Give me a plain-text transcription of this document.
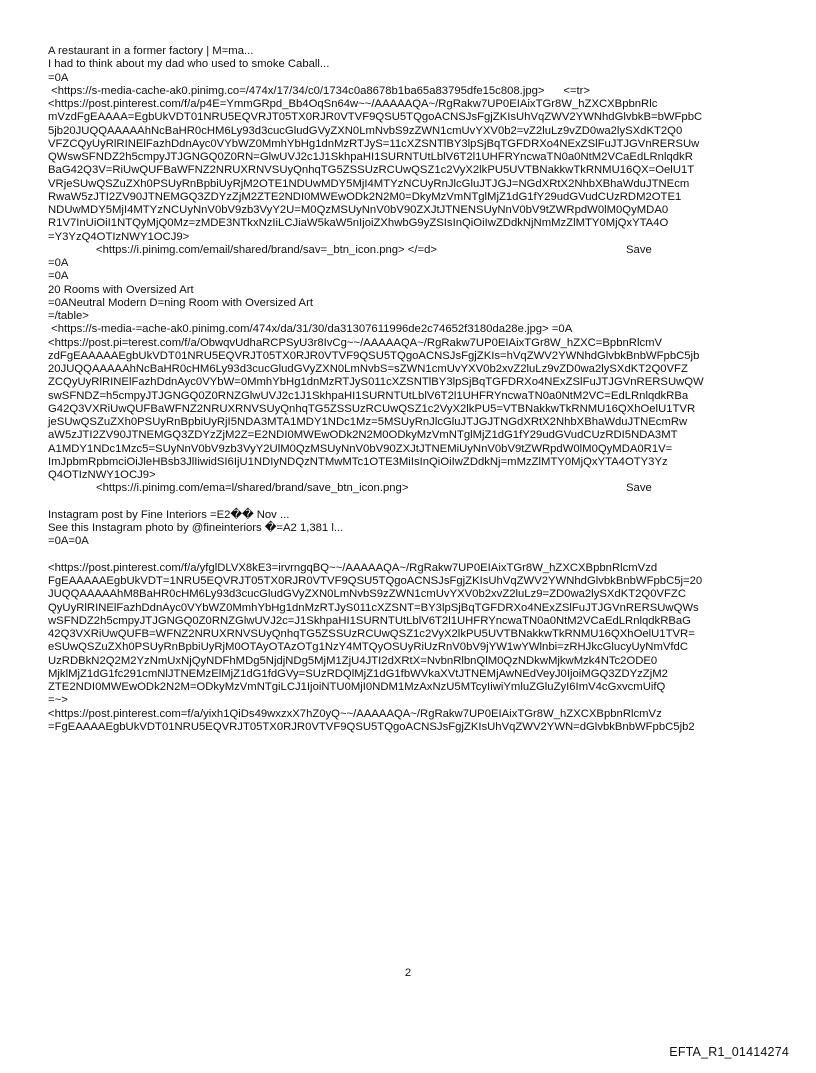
A restaurant in a former factory | M=ma...
I had to think about my dad who used to smoke Caball...
=0A
<https://s-media-cache-ak0.pinimg.co=/474x/17/34/c0/1734c0a8678b1ba65a83795dfe15c808.jpg>      <=tr>
<https://post.pinterest.com/f/a/p4E=YmmGRpd_Bb4OqSn64w~~/AAAAAQA~/RgRakw7UP0EIAixTGr8W_hZXCXBpbnRlc
mVzdFgEAAAA=EgbUkVDT01NRU5EQVRJT05TX0RJR0VTVF9QSU5TQgoACNSJsFgjZKIsUhVqZWV2YWNhdGlvbkB=bWFpbC
5jb20JUQQAAAAAhNcBaHR0cHM6Ly93d3cucGludGVyZXN0LmNvbS9zZWN1cmUvYXV0b2=vZ2luLz9vZD0wa2lySXdKT2Q0
VFZCQyUyRlRINElFazhDdnAyc0VYbWZ0MmhYbHg1dnMzRTJyS=11cXZSNTlBY3lpSjBqTGFDRXo4NExZSlFuJTJGVnRERSUw
QWswSFNDZ2h5cmpyJTJGNGQ0Z0RN=GlwUVJ2c1J1SkhpaHI1SURNTUtLblV6T2l1UHFRYncwaTN0a0NtM2VCaEdLRnlqdkR
BaG42Q3V=RiUwQUFBaWFNZ2NRUXRNVSUyQnhqTG5ZSSUzRCUwQSZ1c2VyX2lkPU5UVTBNakkwTkRNMU16QX=OelU1T
VRjeSUwQSZuZXh0PSUyRnBpbiUyRjM2OTE1NDUwMDY5MjI4MTYzNCUyRnJlcGluJTJGJ=NGdXRtX2NhbXBhaWduJTNEcm
RwaW5zJTI2ZV90JTNEMGQ3ZDYzZjM2ZTE2NDI0MWEwODk2N2M0=DkyMzVmNTglMjZ1dG1fY29udGVudCUzRDM2OTE1
NDUwMDY5MjI4MTYzNCUyNnV0bV9zb3VyY2U=M0QzMSUyNnV0bV90ZXJtJTNENSUyNnV0bV9tZWRpdW0lM0QyMDA0
R1V7InUiOiI1NTQyMjQ0Mz=zMDE3NTkxNzIiLCJiaW5kaW5nIjoiZXhwbG9yZSIsInQiOiIwZDdkNjNmMzZlMTY0MjQxYTA4O
=Y3YzQ4OTIzNWY1OCJ9>
<https://i.pinimg.com/email/shared/brand/sav=_btn_icon.png> </=d>	Save
=0A
=0A
20 Rooms with Oversized Art
=0ANeutral Modern D=ning Room with Oversized Art
=/table>
<https://s-media-=ache-ak0.pinimg.com/474x/da/31/30/da31307611996de2c74652f3180da28e.jpg> =0A
<https://post.pi=terest.com/f/a/ObwqvUdhaRCPSyU3r8IvCg~~/AAAAAQA~/RgRakw7UP0EIAixTGr8W_hZXC=BpbnRlcmV
zdFgEAAAAAEgbUkVDT01NRU5EQVRJT05TX0RJR0VTVF9QSU5TQgoACNSJsFgjZKIs=hVqZWV2YWNhdGlvbkBnbWFpbC5jb
20JUQQAAAAAhNcBaHR0cHM6Ly93d3cucGludGVyZXN0LmNvbS=sZWN1cmUvYXV0b2xvZ2luLz9vZD0wa2lySXdKT2Q0VFZ
ZCQyUyRlRINElFazhDdnAyc0VYbW=0MmhYbHg1dnMzRTJyS011cXZSNTlBY3lpSjBqTGFDRXo4NExZSlFuJTJGVnRERSUwQW
swSFNDZ=h5cmpyJTJGNGQ0Z0RNZGlwUVJ2c1J1SkhpaHI1SURNTUtLblV6T2l1UHFRYncwaTN0a0NtM2VC=EdLRnlqdkRBa
G42Q3VXRiUwQUFBaWFNZ2NRUXRNVSUyQnhqTG5ZSSUzRCUwQSZ1c2VyX2lkPU5=VTBNakkwTkRNMU16QXhOelU1TVR
jeSUwQSZuZXh0PSUyRnBpbiUyRjI5NDA3MTA1MDY1NDc1Mz=5MSUyRnJlcGluJTJGJTNGdXRtX2NhbXBhaWduJTNEcmRw
aW5zJTI2ZV90JTNEMGQ3ZDYzZjM2Z=E2NDI0MWEwODk2N2M0ODkyMzVmNTglMjZ1dG1fY29udGVudCUzRDI5NDA3MT
A1MDY1NDc1Mzc5=SUyNnV0bV9zb3VyY2UlM0QzMSUyNnV0bV90ZXJtJTNEMiUyNnV0bV9tZWRpdW0lM0QyMDA0R1V=
ImJpbmRpbmciOiJleHBsb3JlIiwidSI6IjU1NDIyNDQzNTMwMTc1OTE3MiIsInQiOiIwZDdkNj=mMzZlMTY0MjQxYTA4OTY3Yz
Q4OTIzNWY1OCJ9>
<https://i.pinimg.com/ema=l/shared/brand/save_btn_icon.png>	Save
Instagram post by Fine Interiors =E2�� Nov ...
See this Instagram photo by @fineinteriors �=A2 1,381 l...
=0A=0A
<https://post.pinterest.com/f/a/yfglDLVX8kE3=irvrngqBQ~~/AAAAAQA~/RgRakw7UP0EIAixTGr8W_hZXCXBpbnRlcmVzd
FgEAAAAAEgbUkVDT=1NRU5EQVRJT05TX0RJR0VTVF9QSU5TQgoACNSJsFgjZKIsUhVqZWV2YWNhdGlvbkBnbWFpbC5j=20
JUQQAAAAAhM8BaHR0cHM6Ly93d3cucGludGVyZXN0LmNvbS9zZWN1cmUvYXV0b2xvZ2luLz9=ZD0wa2lySXdKT2Q0VFZC
QyUyRlRINElFazhDdnAyc0VYbWZ0MmhYbHg1dnMzRTJyS011cXZSNT=BY3lpSjBqTGFDRXo4NExZSlFuJTJGVnRERSUwQWs
wSFNDZ2h5cmpyJTJGNGQ0Z0RNZGlwUVJ2c=J1SkhpaHI1SURNTUtLblV6T2l1UHFRYncwaTN0a0NtM2VCaEdLRnlqdkRBaG
42Q3VXRiUwQUFB=WFNZ2NRUXRNVSUyQnhqTG5ZSSUzRCUwQSZ1c2VyX2lkPU5UVTBNakkwTkRNMU16QXhOelU1TVR=
eSUwQSZuZXh0PSUyRnBpbiUyRjM0OTAyOTAzOTg1NzY4MTQyOSUyRiUzRnV0bV9jYW1wYWlnbi=zRHJkcGlucyUyNmVfdC
UzRDBkN2Q2M2YzNmUxNjQyNDFhMDg5NjdjNDg5MjM1ZjU4JTI2dXRtX=NvbnRlbnQlM0QzNDkwMjkwMzk4NTc2ODE0
MjklMjZ1dG1fc291cmNlJTNEMzElMjZ1dG1fdGVy=SUzRDQlMjZ1dG1fbWVkaXVtJTNEMjAwNEdVeyJ0IjoiMGQ3ZDYzZjM2
ZTE2NDI0MWEwODk2N2M=ODkyMzVmNTgiLCJ1IjoiNTU0MjI0NDM1MzAxNzU5MTcyIiwiYmluZGluZyI6ImV4cGxvcmUifQ
=~>
<https://post.pinterest.com=f/a/yixh1QiDs49wxzxX7hZ0yQ~~/AAAAAQA~/RgRakw7UP0EIAixTGr8W_hZXCXBpbnRlcmVz
=FgEAAAAEgbUkVDT01NRU5EQVRJT05TX0RJR0VTVF9QSU5TQgoACNSJsFgjZKIsUhVqZWV2YWN=dGlvbkBnbWFpbC5jb2
2
EFTA_R1_01414274
